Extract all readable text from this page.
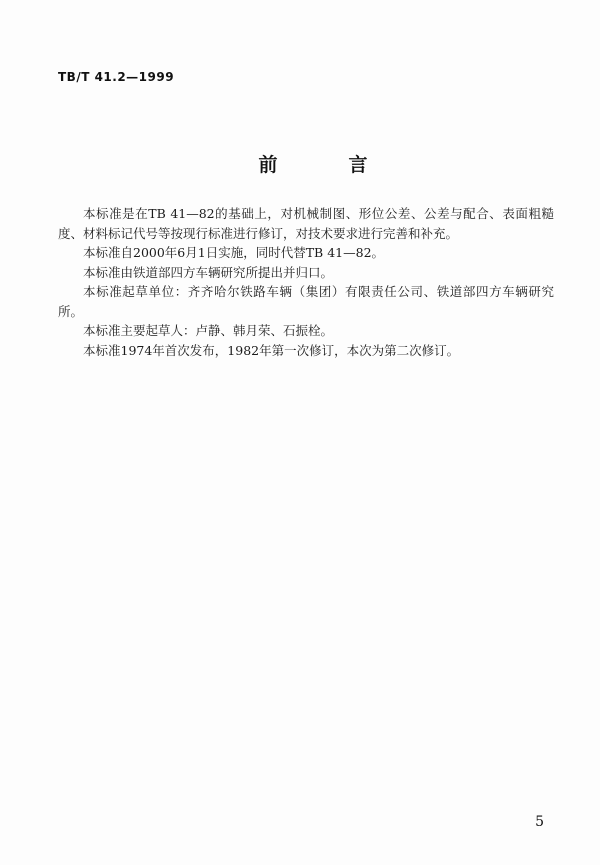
TB/T 41.2—1999
前　言

本标准是在TB 41—82的基础上，对机械制图、形位公差、公差与配合、表面粗糙度、材料标记代号等按现行标准进行修订，对技术要求进行完善和补充。

本标准自2000年6月1日实施，同时代替TB 41—82。

本标准由铁道部四方车辆研究所提出并归口。

本标准起草单位：齐齐哈尔铁路车辆（集团）有限责任公司、铁道部四方车辆研究所。

本标准主要起草人：卢静、韩月荣、石振栓。

本标准1974年首次发布，1982年第一次修订，本次为第二次修订。

5
